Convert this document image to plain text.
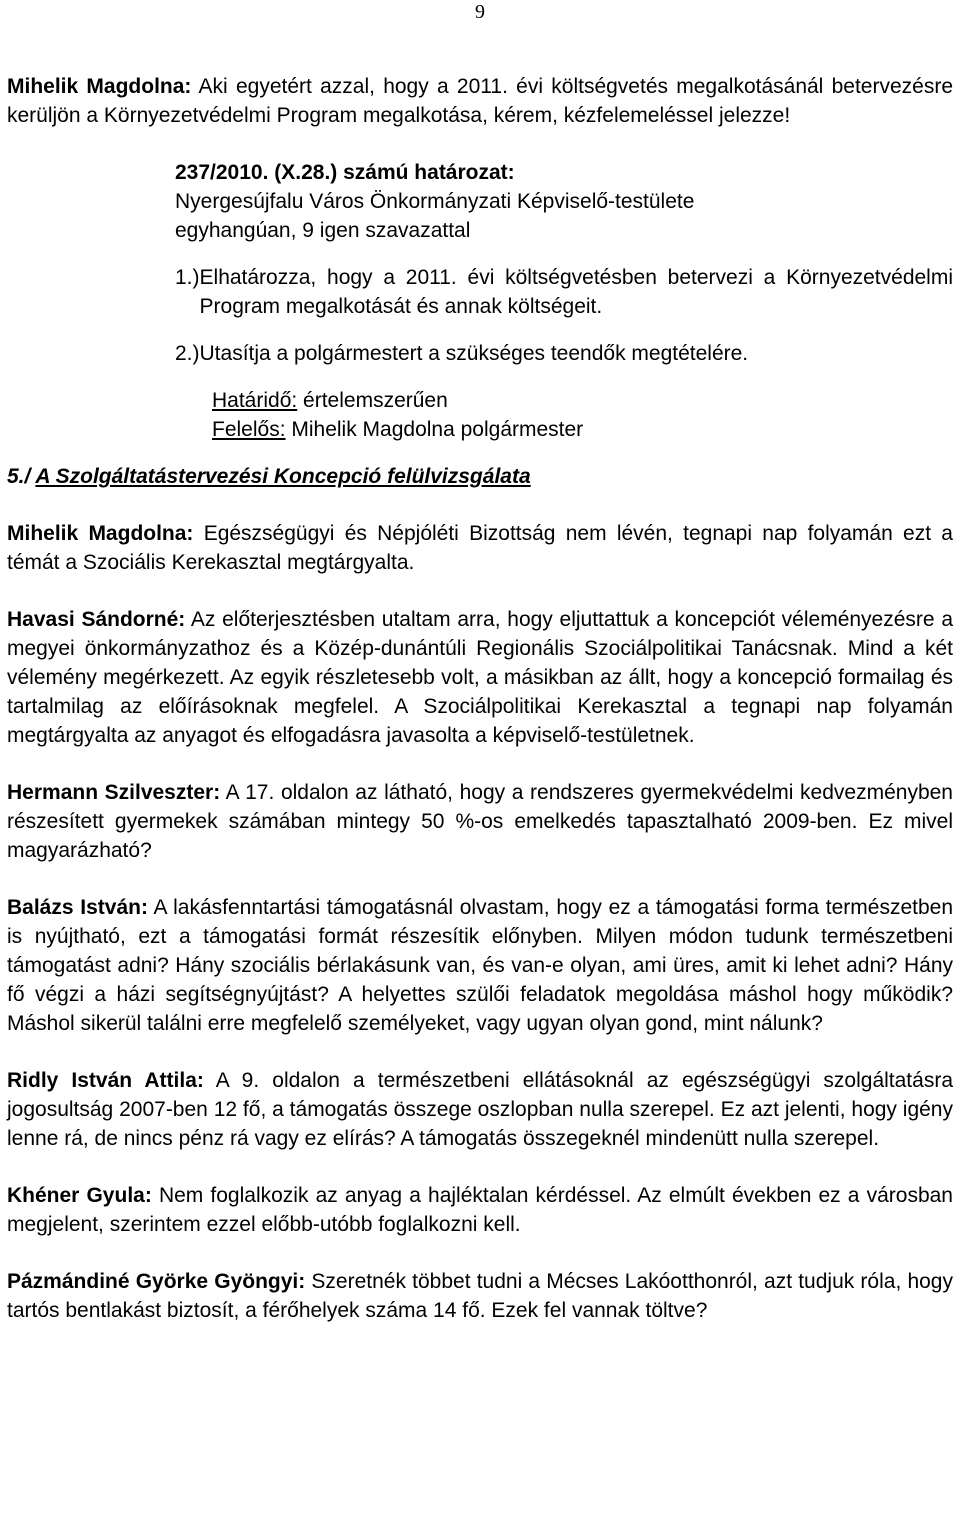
9

Mihelik Magdolna: Aki egyetért azzal, hogy a 2011. évi költségvetés megalkotásánál betervezésre kerüljön a Környezetvédelmi Program megalkotása, kérem, kézfelemeléssel jelezze!

237/2010. (X.28.) számú határozat:

Nyergesújfalu Város Önkormányzati Képviselő-testülete

egyhangúan, 9 igen szavazattal

1.) Elhatározza, hogy a 2011. évi költségvetésben betervezi a Környezetvédelmi Program megalkotását és annak költségeit.
2.) Utasítja a polgármestert a szükséges teendők megtételére.

Határidő: értelemszerűen

Felelős: Mihelik Magdolna polgármester

5./ A Szolgáltatástervezési Koncepció felülvizsgálata

Mihelik Magdolna: Egészségügyi és Népjóléti Bizottság nem lévén, tegnapi nap folyamán ezt a témát a Szociális Kerekasztal megtárgyalta.

Havasi Sándorné: Az előterjesztésben utaltam arra, hogy eljuttattuk a koncepciót véleményezésre a megyei önkormányzathoz és a Közép-dunántúli Regionális Szociálpolitikai Tanácsnak. Mind a két vélemény megérkezett. Az egyik részletesebb volt, a másikban az állt, hogy a koncepció formailag és tartalmilag az előírásoknak megfelel. A Szociálpolitikai Kerekasztal a tegnapi nap folyamán megtárgyalta az anyagot és elfogadásra javasolta a képviselő-testületnek.

Hermann Szilveszter: A 17. oldalon az látható, hogy a rendszeres gyermekvédelmi kedvezményben részesített gyermekek számában mintegy 50 %-os emelkedés tapasztalható 2009-ben. Ez mivel magyarázható?

Balázs István: A lakásfenntartási támogatásnál olvastam, hogy ez a támogatási forma természetben is nyújtható, ezt a támogatási formát részesítik előnyben. Milyen módon tudunk természetbeni támogatást adni? Hány szociális bérlakásunk van, és van-e olyan, ami üres, amit ki lehet adni? Hány fő végzi a házi segítségnyújtást? A helyettes szülői feladatok megoldása máshol hogy működik? Máshol sikerül találni erre megfelelő személyeket, vagy ugyan olyan gond, mint nálunk?

Ridly István Attila: A 9. oldalon a természetbeni ellátásoknál az egészségügyi szolgáltatásra jogosultság 2007-ben 12 fő, a támogatás összege oszlopban nulla szerepel. Ez azt jelenti, hogy igény lenne rá, de nincs pénz rá vagy ez elírás? A támogatás összegeknél mindenütt nulla szerepel.

Khéner Gyula: Nem foglalkozik az anyag a hajléktalan kérdéssel. Az elmúlt években ez a városban megjelent, szerintem ezzel előbb-utóbb foglalkozni kell.

Pázmándiné Györke Gyöngyi: Szeretnék többet tudni a Mécses Lakóotthonról, azt tudjuk róla, hogy tartós bentlakást biztosít, a férőhelyek száma 14 fő. Ezek fel vannak töltve?
